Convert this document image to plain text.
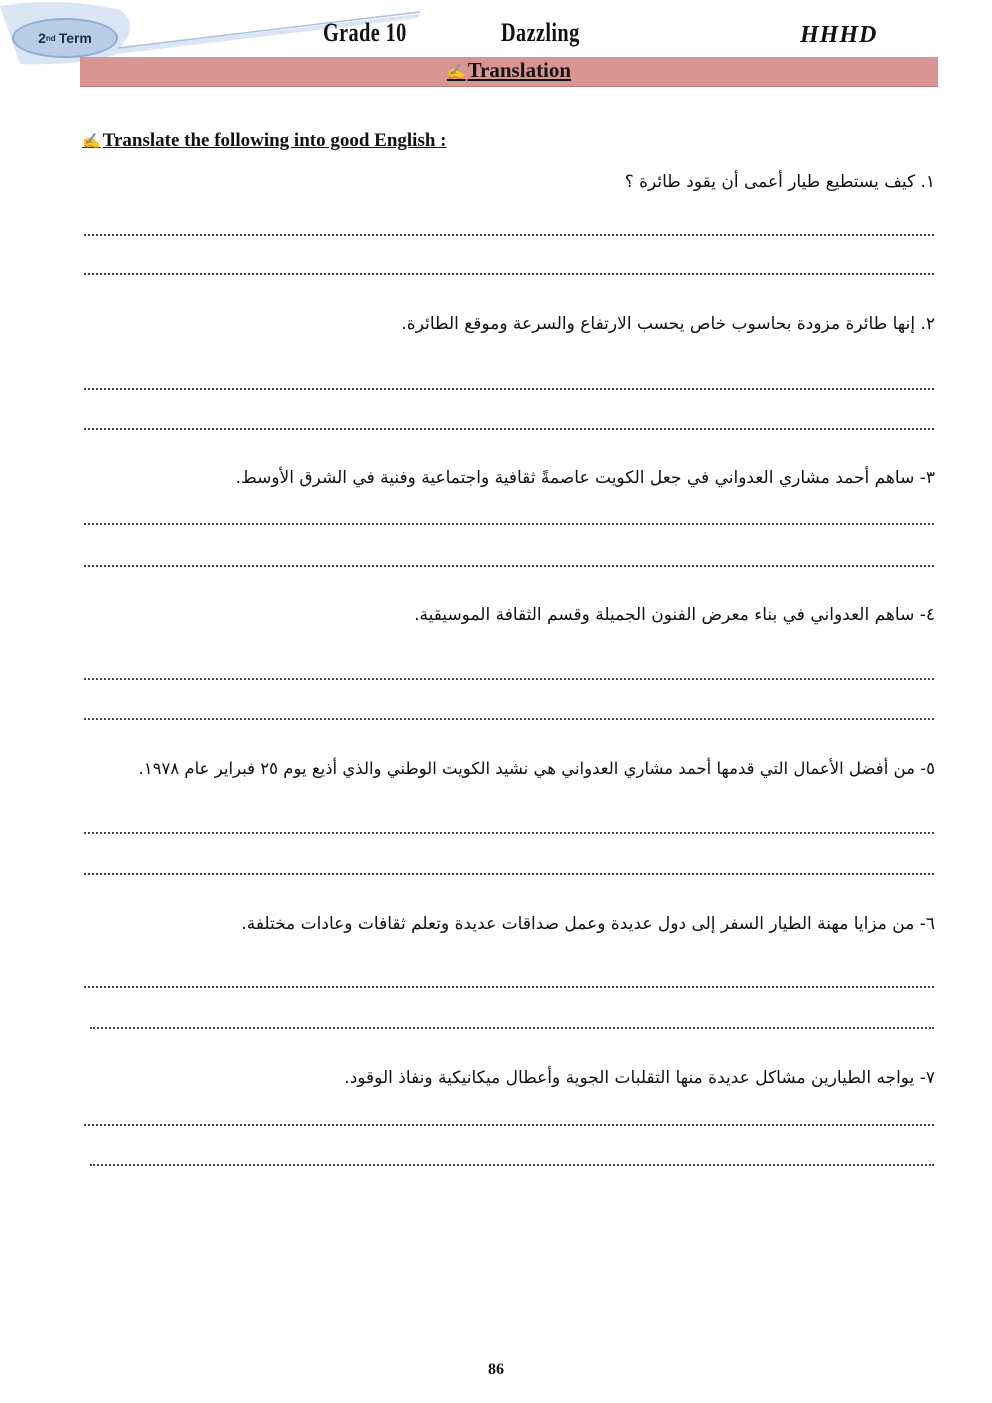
2 nd Term	Grade 10	Dazzling	HHHD
✍Translation
✍ Translate the following into good English :
١. كيف يستطيع طيار أعمى أن يقود طائرة ؟
٢. إنها طائرة مزودة بحاسوب خاص يحسب الارتفاع والسرعة وموقع الطائرة.
٣- ساهم أحمد مشاري العدواني في جعل الكويت عاصمةً ثقافية واجتماعية وفنية في الشرق الأوسط.
٤- ساهم العدواني في بناء معرض الفنون الجميلة وقسم الثقافة الموسيقية.
٥- من أفضل الأعمال التي قدمها أحمد مشاري العدواني هي نشيد الكويت الوطني والذي أذيع يوم ٢٥ فبراير عام ١٩٧٨.
٦- من مزايا مهنة الطيار السفر إلى دول عديدة وعمل صداقات عديدة وتعلم ثقافات وعادات مختلفة.
٧- يواجه الطيارين مشاكل عديدة منها التقلبات الجوية وأعطال ميكانيكية ونفاذ الوقود.
86
